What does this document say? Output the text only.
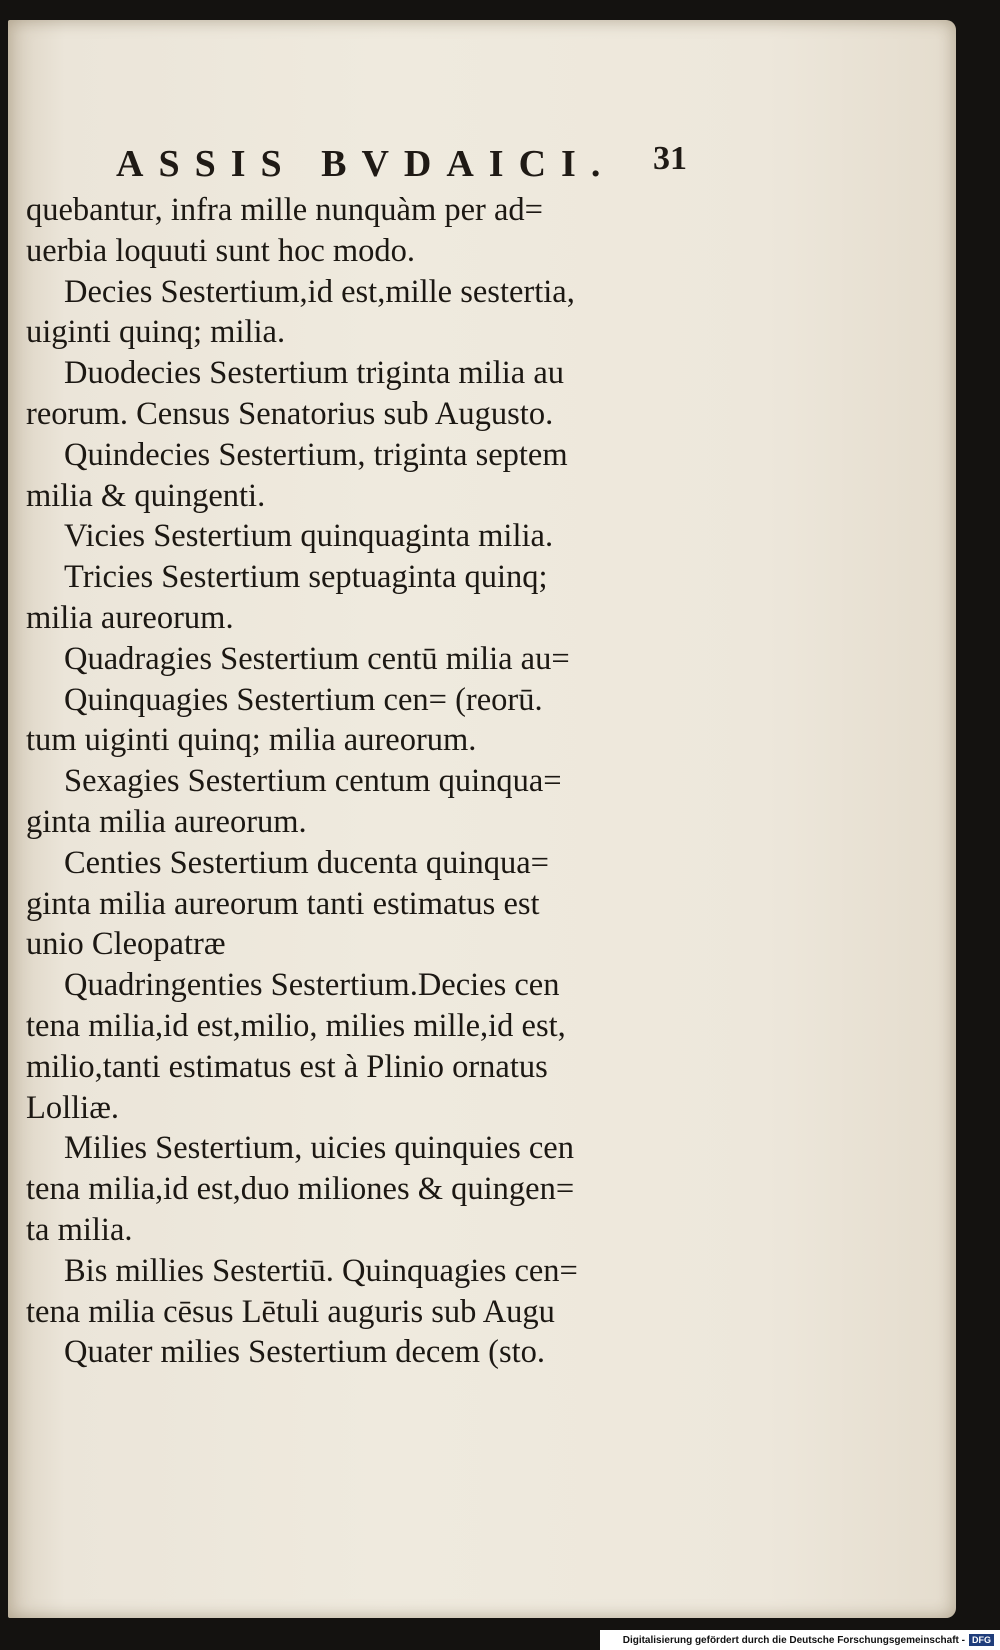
ASSIS BVDAICI. 31
quebantur, infra mille nunquàm per ad=
uerbia loquuti sunt hoc modo.
Decies Sestertium,id est,mille sestertia,
uiginti quinq; milia.
Duodecies Sestertium triginta milia au
reorum. Census Senatorius sub Augusto.
Quindecies Sestertium, triginta septem
milia & quingenti.
Vicies Sestertium quinquaginta milia.
Tricies Sestertium septuaginta quinq;
milia aureorum.
Quadragies Sestertium centū milia au=
Quinquagies Sestertium cen= (reorū.
tum uiginti quinq; milia aureorum.
Sexagies Sestertium centum quinqua=
ginta milia aureorum.
Centies Sestertium ducenta quinqua=
ginta milia aureorum tanti estimatus est
unio Cleopatræ
Quadringenties Sestertium.Decies cen
tena milia,id est,milio, milies mille,id est,
milio,tanti estimatus est à Plinio ornatus
Lolliæ.
Milies Sestertium, uicies quinquies cen
tena milia,id est,duo miliones & quingen=
ta milia.
Bis millies Sestertiū. Quinquagies cen=
tena milia cēsus Lētuli auguris sub Augu
Quater milies Sestertium decem (sto.
Digitalisierung gefördert durch die Deutsche Forschungsgemeinschaft - DFG
